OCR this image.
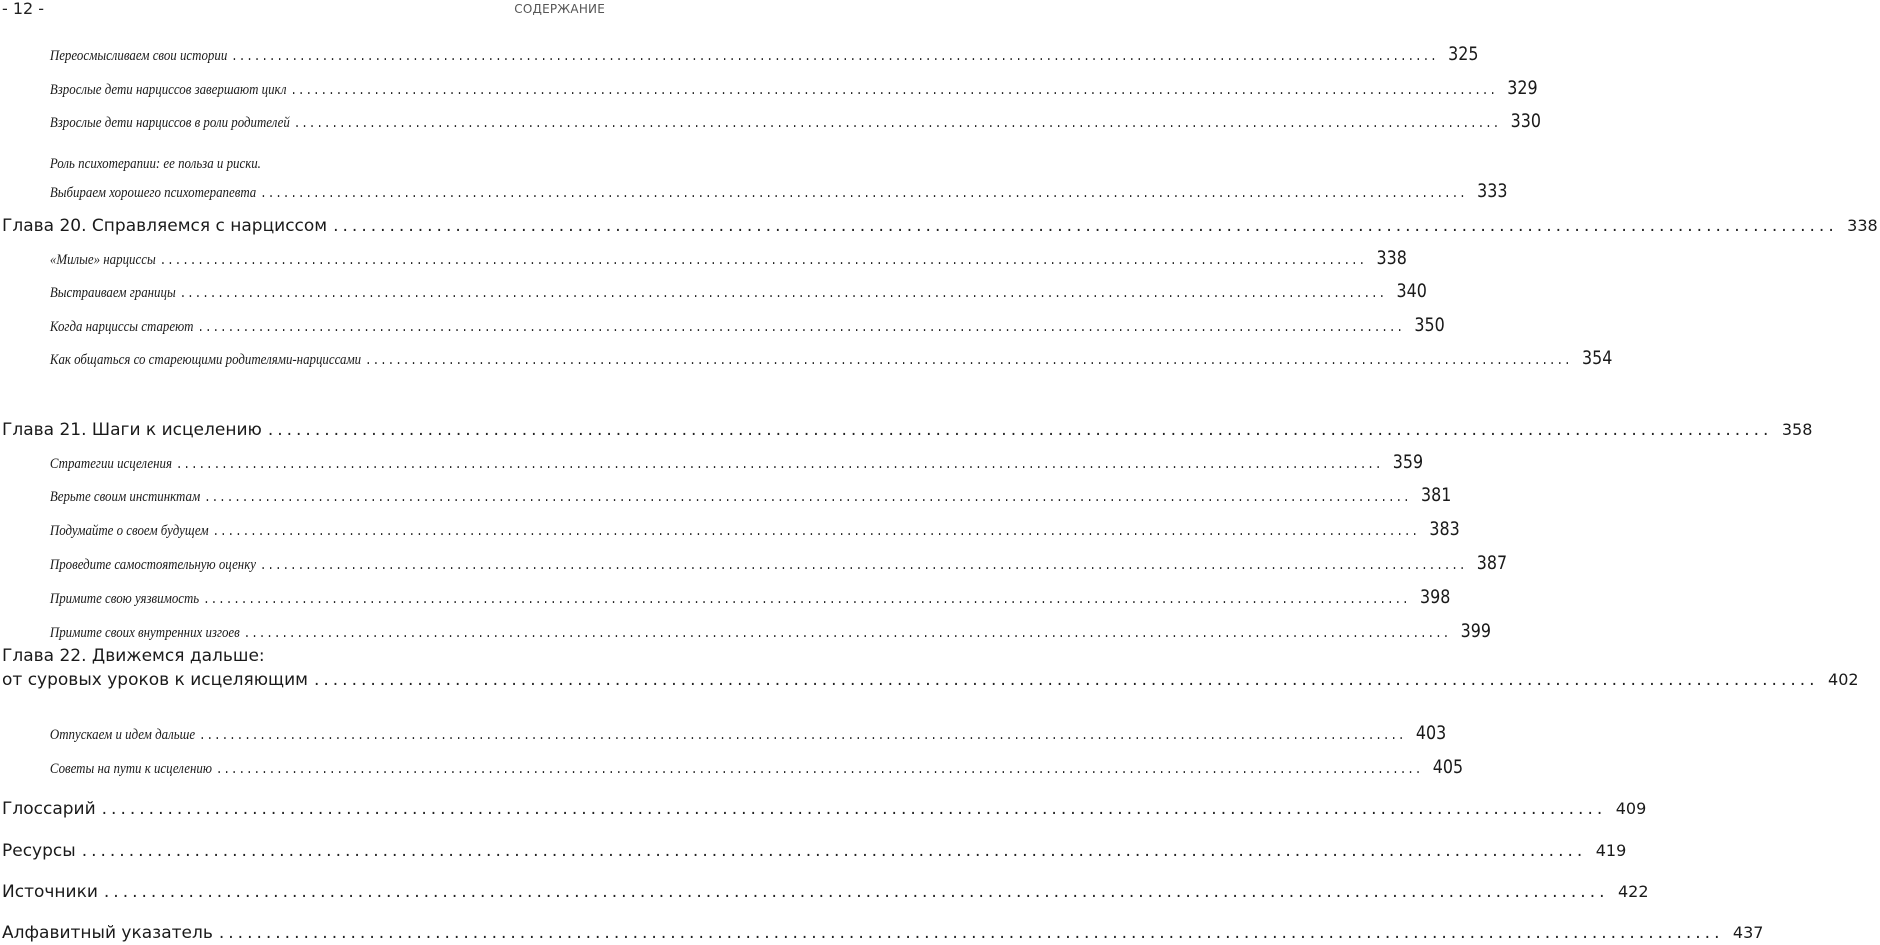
- 12 -	СОДЕРЖАНИЕ
Переосмысливаем свои истории .....	325
Взрослые дети нарциссов завершают цикл .....	329
Взрослые дети нарциссов в роли родителей .....	330
Роль психотерапии: ее польза и риски.
Выбираем хорошего психотерапевта .....	333
Глава 20. Справляемся с нарциссом .....	338
«Милые» нарциссы .....	338
Выстраиваем границы .....	340
Когда нарциссы стареют .....	350
Как общаться со стареющими родителями-нарциссами .....	354
Глава 21. Шаги к исцелению .....	358
Стратегии исцеления .....	359
Верьте своим инстинктам .....	381
Подумайте о своем будущем .....	383
Проведите самостоятельную оценку .....	387
Примите свою уязвимость .....	398
Примите своих внутренних изгоев .....	399
Глава 22. Движемся дальше:
от суровых уроков к исцеляющим .....	402
Отпускаем и идем дальше .....	403
Советы на пути к исцелению .....	405
Глоссарий .....	409
Ресурсы .....	419
Источники .....	422
Алфавитный указатель .....	437
